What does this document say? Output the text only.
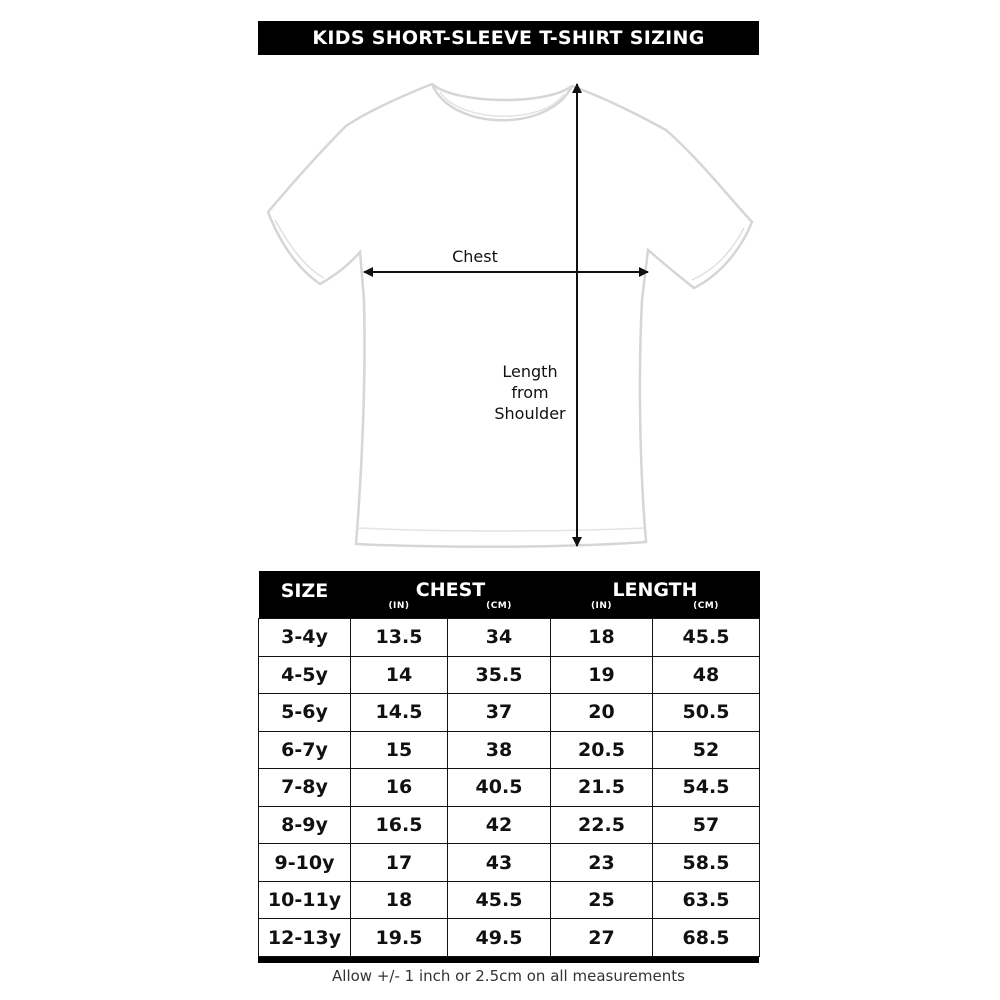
KIDS SHORT-SLEEVE T-SHIRT SIZING
Chest
Length
from
Shoulder
SIZE	CHEST		LENGTH	
	(IN)	(CM)	(IN)	(CM)
3-4y	13.5	34	18	45.5
4-5y	14	35.5	19	48
5-6y	14.5	37	20	50.5
6-7y	15	38	20.5	52
7-8y	16	40.5	21.5	54.5
8-9y	16.5	42	22.5	57
9-10y	17	43	23	58.5
10-11y	18	45.5	25	63.5
12-13y	19.5	49.5	27	68.5
Allow +/- 1 inch or 2.5cm on all measurements
